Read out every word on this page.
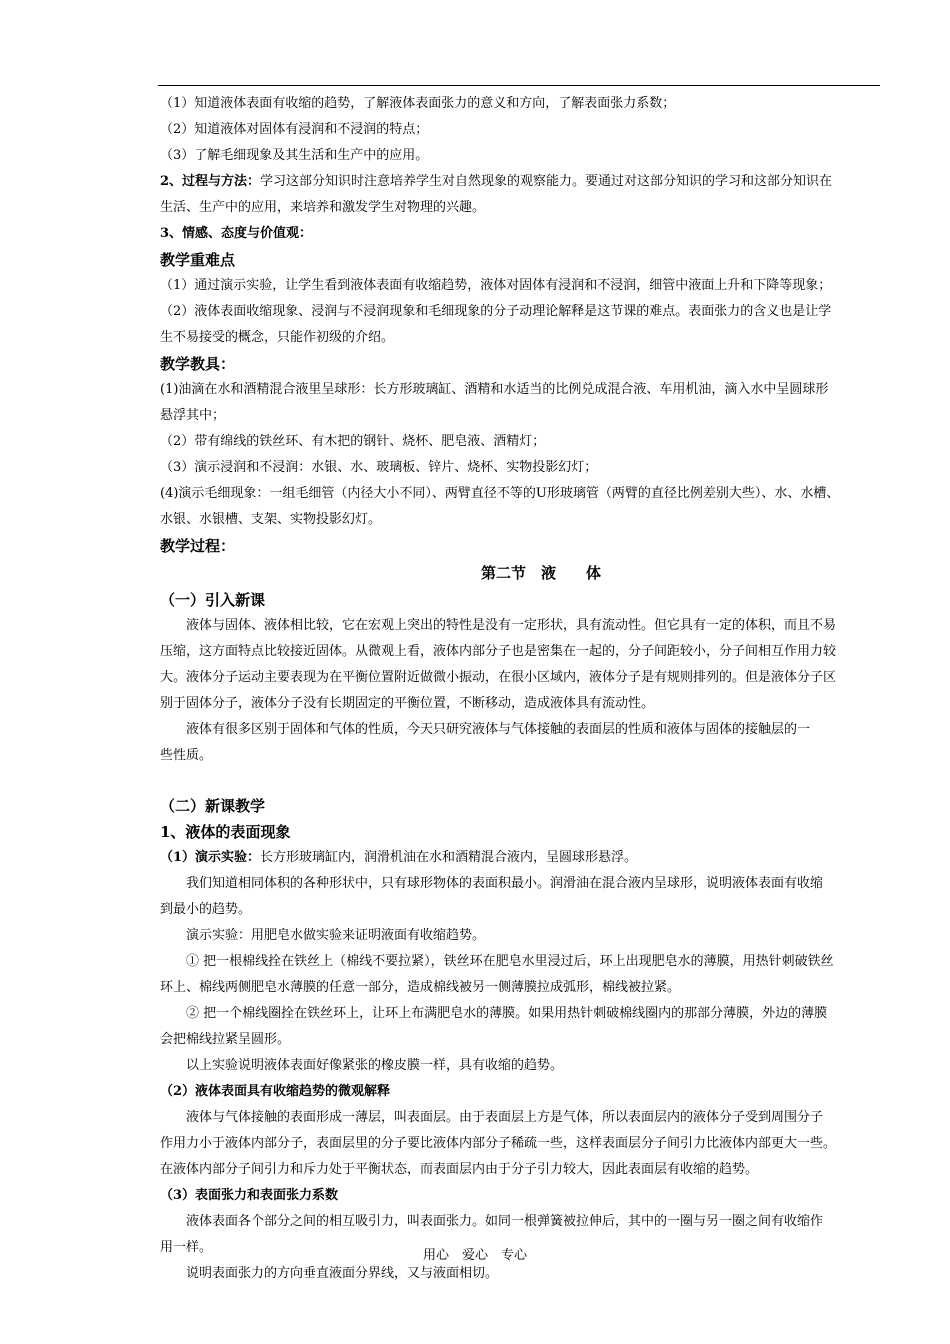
（1）知道液体表面有收缩的趋势，了解液体表面张力的意义和方向，了解表面张力系数；
（2）知道液体对固体有浸润和不浸润的特点；
（3）了解毛细现象及其生活和生产中的应用。
2、过程与方法：学习这部分知识时注意培养学生对自然现象的观察能力。要通过对这部分知识的学习和这部分知识在
生活、生产中的应用，来培养和激发学生对物理的兴趣。
3、情感、态度与价值观：
教学重难点
（1）通过演示实验，让学生看到液体表面有收缩趋势，液体对固体有浸润和不浸润，细管中液面上升和下降等现象；
（2）液体表面收缩现象、浸润与不浸润现象和毛细现象的分子动理论解释是这节课的难点。表面张力的含义也是让学
生不易接受的概念，只能作初级的介绍。
教学教具：
(1)油滴在水和酒精混合液里呈球形：长方形玻璃缸、酒精和水适当的比例兑成混合液、车用机油，滴入水中呈圆球形
悬浮其中；
（2）带有绵线的铁丝环、有木把的钢针、烧杯、肥皂液、酒精灯；
（3）演示浸润和不浸润：水银、水、玻璃板、锌片、烧杯、实物投影幻灯；
(4)演示毛细现象：一组毛细管（内径大小不同）、两臂直径不等的U形玻璃管（两臂的直径比例差别大些）、水、水槽、
水银、水银槽、支架、实物投影幻灯。
教学过程：
第二节　液　　体
（一）引入新课
液体与固体、液体相比较，它在宏观上突出的特性是没有一定形状，具有流动性。但它具有一定的体积，而且不易
压缩，这方面特点比较接近固体。从微观上看，液体内部分子也是密集在一起的，分子间距较小，分子间相互作用力较
大。液体分子运动主要表现为在平衡位置附近做微小振动，在很小区域内，液体分子是有规则排列的。但是液体分子区
别于固体分子，液体分子没有长期固定的平衡位置，不断移动，造成液体具有流动性。
液体有很多区别于固体和气体的性质，今天只研究液体与气体接触的表面层的性质和液体与固体的接触层的一
些性质。
（二）新课教学
1、液体的表面现象
（1）演示实验：长方形玻璃缸内，润滑机油在水和酒精混合液内，呈圆球形悬浮。
我们知道相同体积的各种形状中，只有球形物体的表面积最小。润滑油在混合液内呈球形，说明液体表面有收缩
到最小的趋势。
演示实验：用肥皂水做实验来证明液面有收缩趋势。
① 把一根棉线拴在铁丝上（棉线不要拉紧），铁丝环在肥皂水里浸过后，环上出现肥皂水的薄膜，用热针刺破铁丝
环上、棉线两侧肥皂水薄膜的任意一部分，造成棉线被另一侧薄膜拉成弧形，棉线被拉紧。
② 把一个棉线圈拴在铁丝环上，让环上布满肥皂水的薄膜。如果用热针刺破棉线圈内的那部分薄膜，外边的薄膜
会把棉线拉紧呈圆形。
以上实验说明液体表面好像紧张的橡皮膜一样，具有收缩的趋势。
（2）液体表面具有收缩趋势的微观解释
液体与气体接触的表面形成一薄层，叫表面层。由于表面层上方是气体，所以表面层内的液体分子受到周围分子
作用力小于液体内部分子，表面层里的分子要比液体内部分子稀疏一些，这样表面层分子间引力比液体内部更大一些。
在液体内部分子间引力和斥力处于平衡状态，而表面层内由于分子引力较大，因此表面层有收缩的趋势。
（3）表面张力和表面张力系数
液体表面各个部分之间的相互吸引力，叫表面张力。如同一根弹簧被拉伸后，其中的一圈与另一圈之间有收缩作
用一样。
说明表面张力的方向垂直液面分界线，又与液面相切。
用心　爱心　专心
